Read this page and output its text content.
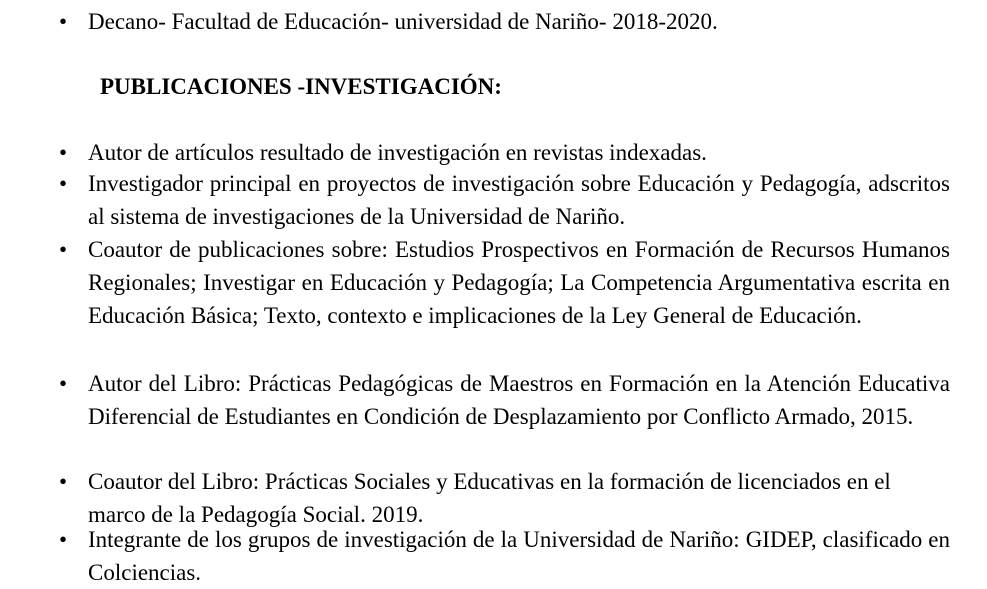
• Decano- Facultad de Educación- universidad de Nariño- 2018-2020.

PUBLICACIONES -INVESTIGACIÓN:

• Autor de artículos resultado de investigación en revistas indexadas.

• Investigador principal en proyectos de investigación sobre Educación y Pedagogía, adscritos al sistema de investigaciones de la Universidad de Nariño.

• Coautor de publicaciones sobre: Estudios Prospectivos en Formación de Recursos Humanos Regionales; Investigar en Educación y Pedagogía; La Competencia Argumentativa escrita en Educación Básica; Texto, contexto e implicaciones de la Ley General de Educación.

• Autor del Libro: Prácticas Pedagógicas de Maestros en Formación en la Atención Educativa Diferencial de Estudiantes en Condición de Desplazamiento por Conflicto Armado, 2015.

• Coautor del Libro: Prácticas Sociales y Educativas en la formación de licenciados en el marco de la Pedagogía Social. 2019.

• Integrante de los grupos de investigación de la Universidad de Nariño: GIDEP, clasificado en Colciencias.
